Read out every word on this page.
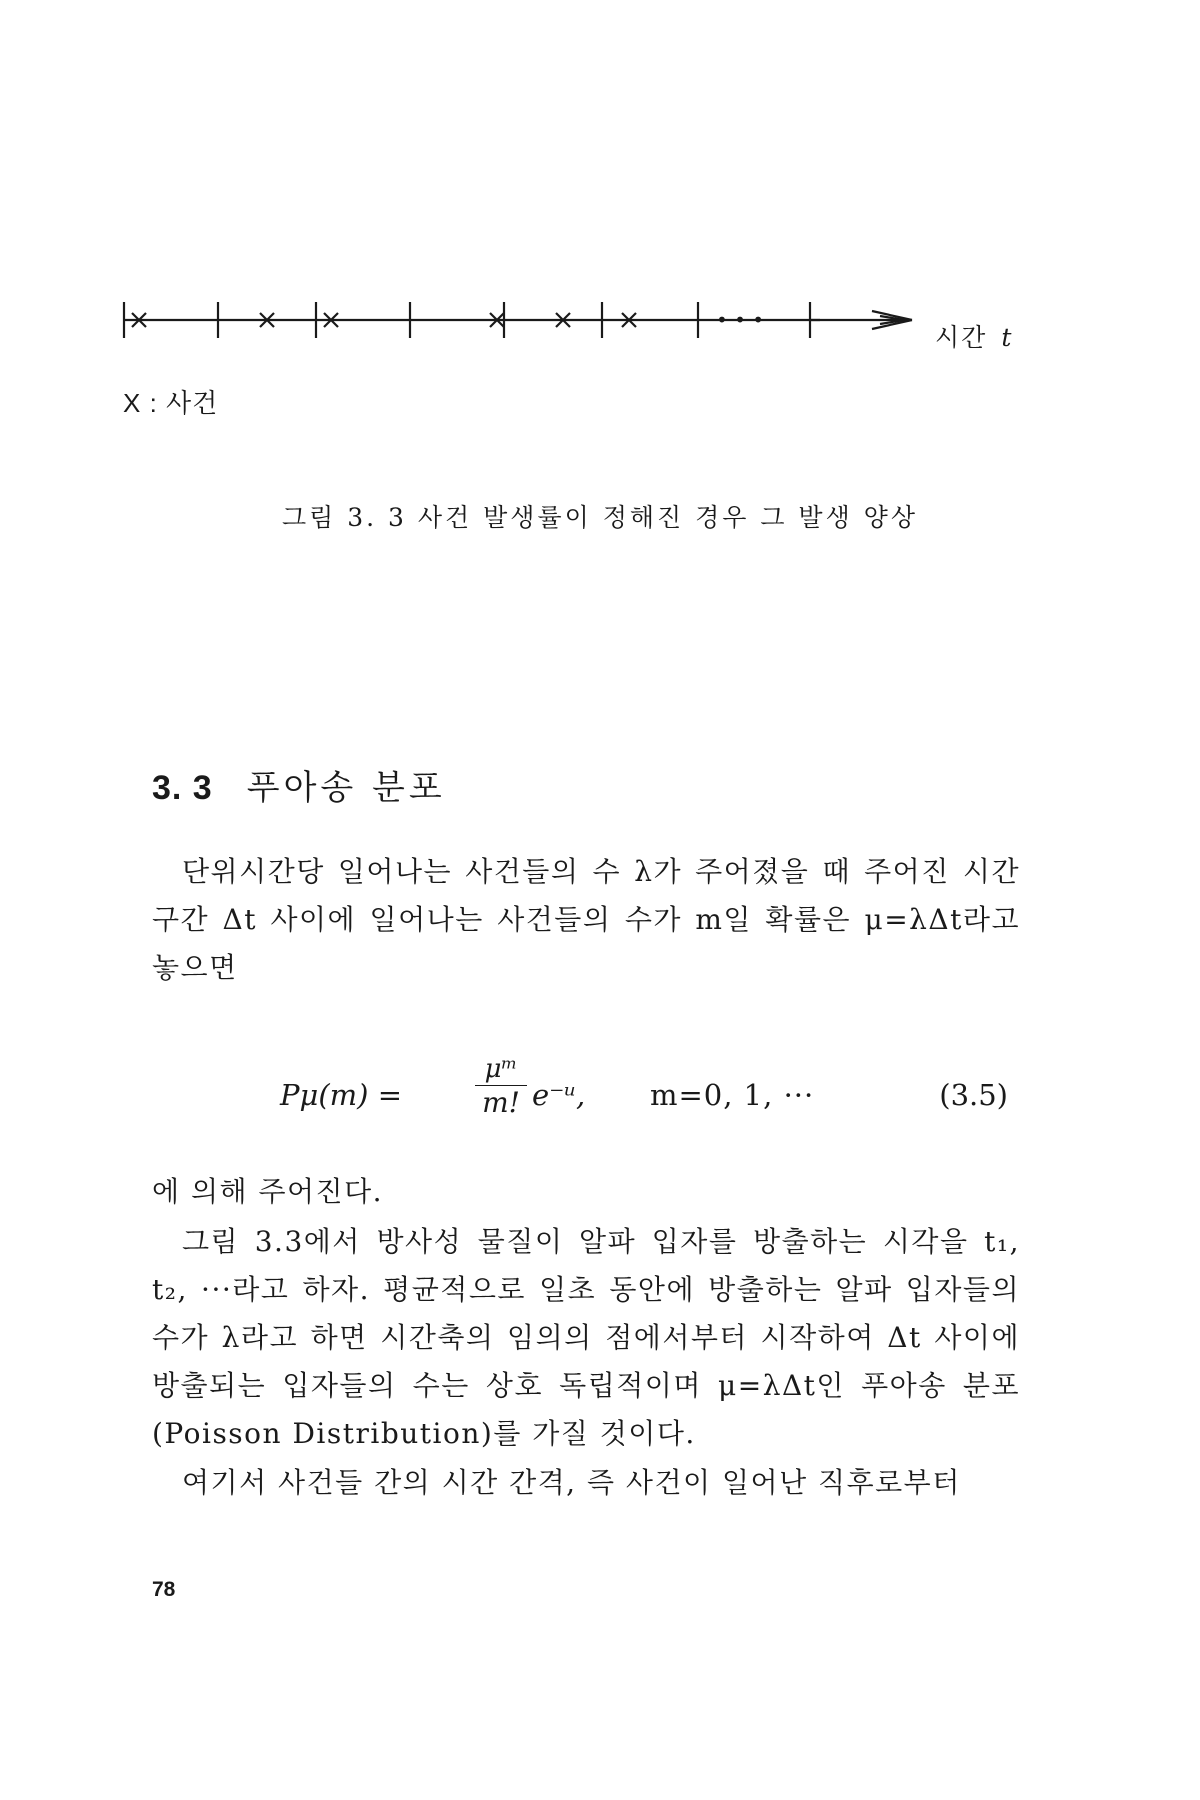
• • •
시간 t
X : 사건
그림 3. 3 사건 발생률이 정해진 경우 그 발생 양상
3. 3 푸아송 분포
단위시간당 일어나는 사건들의 수 λ가 주어졌을 때 주어진 시간 구간 Δt 사이에 일어나는 사건들의 수가 m일 확률은 μ=λΔt라고 놓으면
Pμ(m) =
μᵐ
m! e⁻ᵘ, m=0, 1, ···	(3.5)
에 의해 주어진다.
그림 3.3에서 방사성 물질이 알파 입자를 방출하는 시각을 t₁, t₂, ···라고 하자. 평균적으로 일초 동안에 방출하는 알파 입자들의 수가 λ라고 하면 시간축의 임의의 점에서부터 시작하여 Δt 사이에 방출되는 입자들의 수는 상호 독립적이며 μ=λΔt인 푸아송 분포(Poisson Distribution)를 가질 것이다.
여기서 사건들 간의 시간 간격, 즉 사건이 일어난 직후로부터
78
